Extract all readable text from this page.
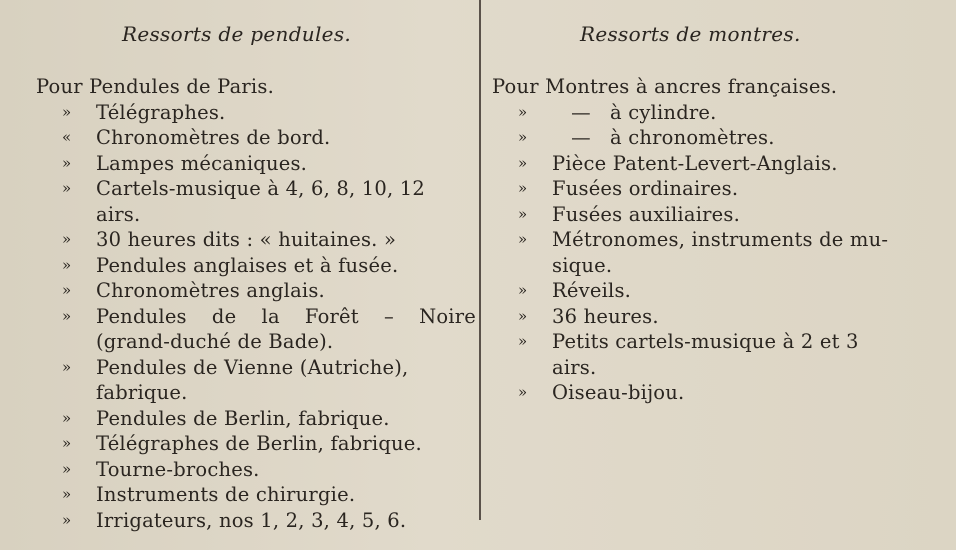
Ressorts de pendules.	Ressorts de montres.
Pour Pendules de Paris.
»	Télégraphes.
«	Chronomètres de bord.
»	Lampes mécaniques.
»	Cartels-musique à 4, 6, 8, 10, 12
airs.
»	30 heures dits : « huitaines. »
»	Pendules anglaises et à fusée.
»	Chronomètres anglais.
»	Pendules de la Forêt – Noire
(grand-duché de Bade).
»	Pendules de Vienne (Autriche),
fabrique.
»	Pendules de Berlin, fabrique.
»	Télégraphes de Berlin, fabrique.
»	Tourne-broches.
»	Instruments de chirurgie.
»	Irrigateurs, nos 1, 2, 3, 4, 5, 6.
Pour Montres à ancres françaises.
»	— à cylindre.
»	— à chronomètres.
»	Pièce Patent-Levert-Anglais.
»	Fusées ordinaires.
»	Fusées auxiliaires.
»	Métronomes, instruments de mu-
sique.
»	Réveils.
»	36 heures.
»	Petits cartels-musique à 2 et 3
airs.
»	Oiseau-bijou.
